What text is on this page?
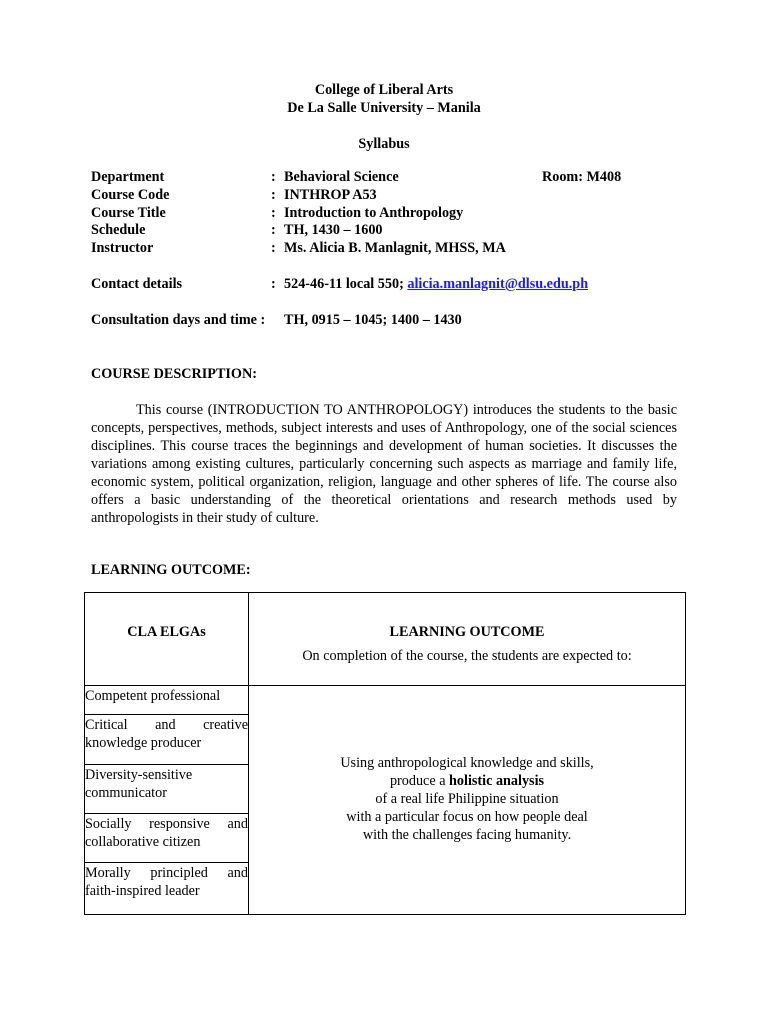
College of Liberal Arts
De La Salle University – Manila
Syllabus
Department	: Behavioral Science	Room: M408
Course Code	: INTHROP A53
Course Title	: Introduction to Anthropology
Schedule	: TH, 1430 – 1600
Instructor	: Ms. Alicia B. Manlagnit, MHSS, MA
Contact details	: 524-46-11 local 550; alicia.manlagnit@dlsu.edu.ph
Consultation days and time : TH, 0915 – 1045; 1400 – 1430
COURSE DESCRIPTION:

This course (INTRODUCTION TO ANTHROPOLOGY) introduces the students to the basic concepts, perspectives, methods, subject interests and uses of Anthropology, one of the social sciences disciplines. This course traces the beginnings and development of human societies. It discusses the variations among existing cultures, particularly concerning such aspects as marriage and family life, economic system, political organization, religion, language and other spheres of life. The course also offers a basic understanding of the theoretical orientations and research methods used by anthropologists in their study of culture.

LEARNING OUTCOME:
CLA ELGAs	LEARNING OUTCOME
On completion of the course, the students are expected to:

Competent professional	Using anthropological knowledge and skills,
produce a holistic analysis
of a real life Philippine situation
with a particular focus on how people deal
with the challenges facing humanity.

Critical and creative knowledge producer	

Diversity-sensitive communicator	

Socially responsive and collaborative citizen	

Morally principled and faith-inspired leader	
